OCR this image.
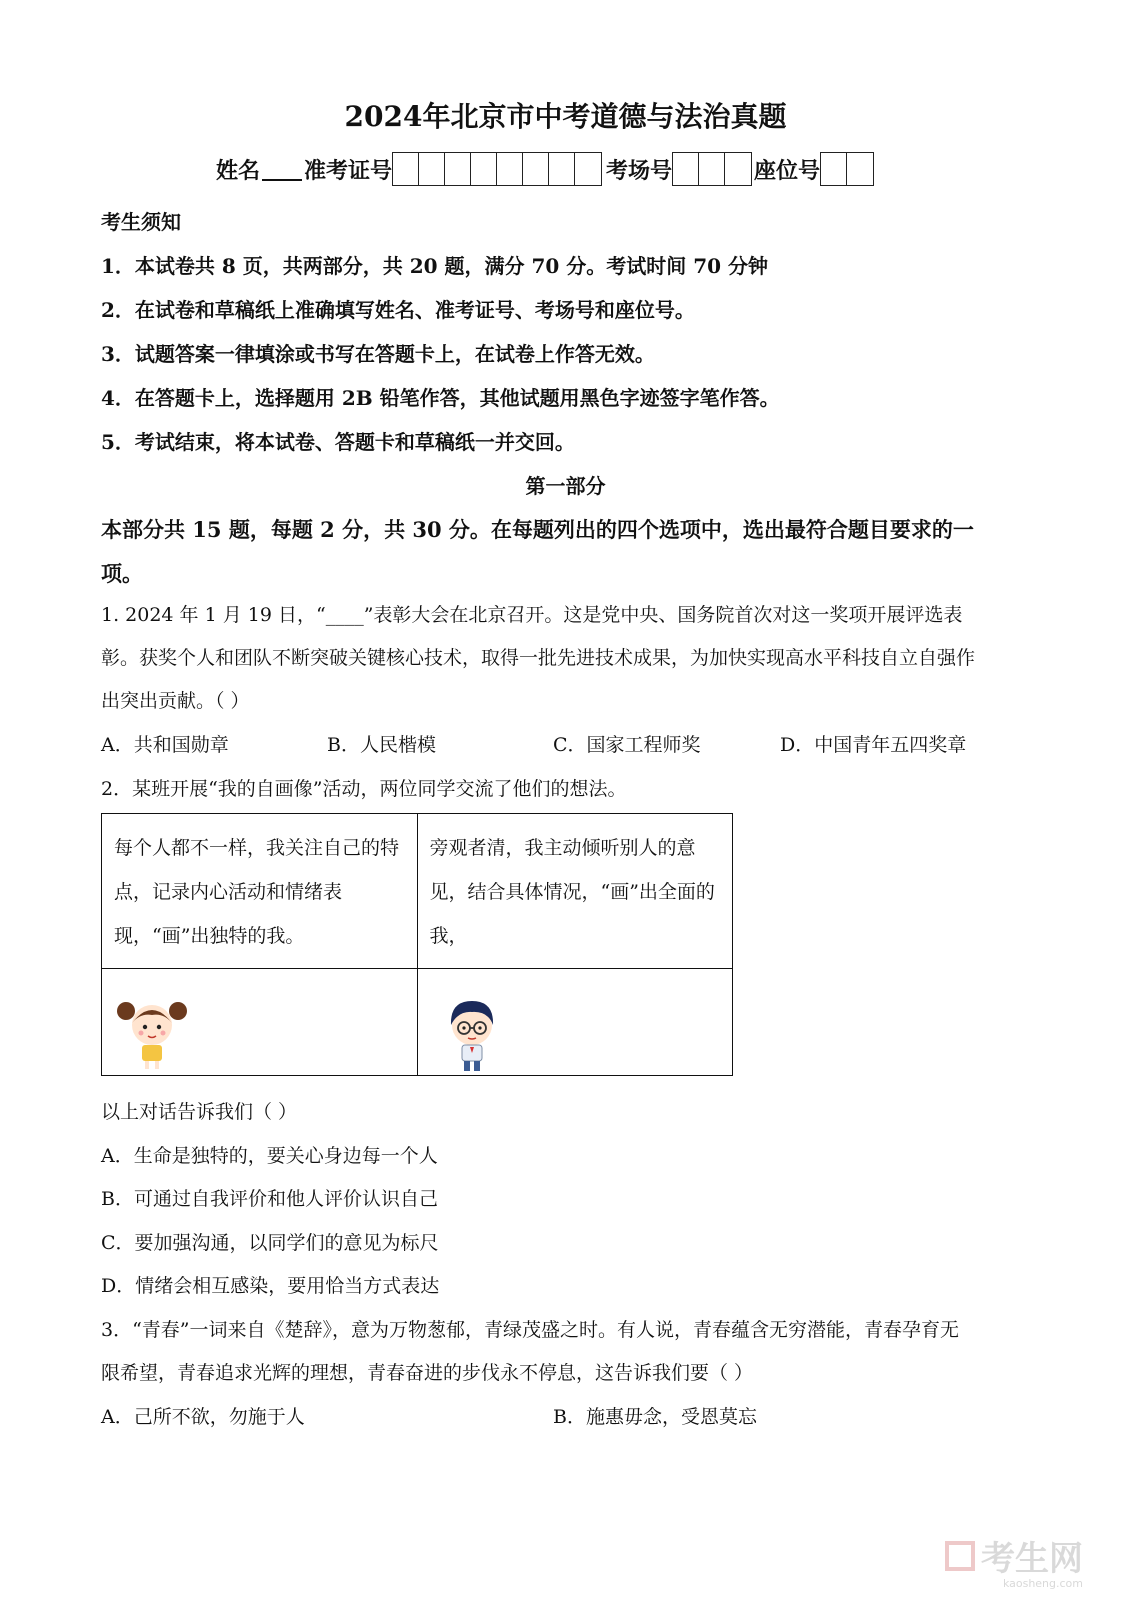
2024年北京市中考道德与法治真题
姓名 准考证号	考场号	座位号
考生须知
1．本试卷共 8 页，共两部分，共 20 题，满分 70 分。考试时间 70 分钟
2．在试卷和草稿纸上准确填写姓名、准考证号、考场号和座位号。
3．试题答案一律填涂或书写在答题卡上，在试卷上作答无效。
4．在答题卡上，选择题用 2B 铅笔作答，其他试题用黑色字迹签字笔作答。
5．考试结束，将本试卷、答题卡和草稿纸一并交回。
第一部分
本部分共 15 题，每题 2 分，共 30 分。在每题列出的四个选项中，选出最符合题目要求的一
项。
1. 2024 年 1 月 19 日，“____”表彰大会在北京召开。这是党中央、国务院首次对这一奖项开展评选表
彰。获奖个人和团队不断突破关键核心技术，取得一批先进技术成果，为加快实现高水平科技自立自强作
出突出贡献。（ ）
A．共和国勋章	B．人民楷模	C．国家工程师奖	D．中国青年五四奖章
2．某班开展“我的自画像”活动，两位同学交流了他们的想法。
每个人都不一样，我关注自己的特点，记录内心活动和情绪表现，“画”出独特的我。	旁观者清，我主动倾听别人的意见，结合具体情况，“画”出全面的我，

以上对话告诉我们（ ）
A．生命是独特的，要关心身边每一个人
B．可通过自我评价和他人评价认识自己
C．要加强沟通，以同学们的意见为标尺
D．情绪会相互感染，要用恰当方式表达
3．“青春”一词来自《楚辞》，意为万物葱郁，青绿茂盛之时。有人说，青春蕴含无穷潜能，青春孕育无
限希望，青春追求光辉的理想，青春奋进的步伐永不停息，这告诉我们要（ ）
A．己所不欲，勿施于人	B．施惠毋念，受恩莫忘
考生网
kaosheng.com
